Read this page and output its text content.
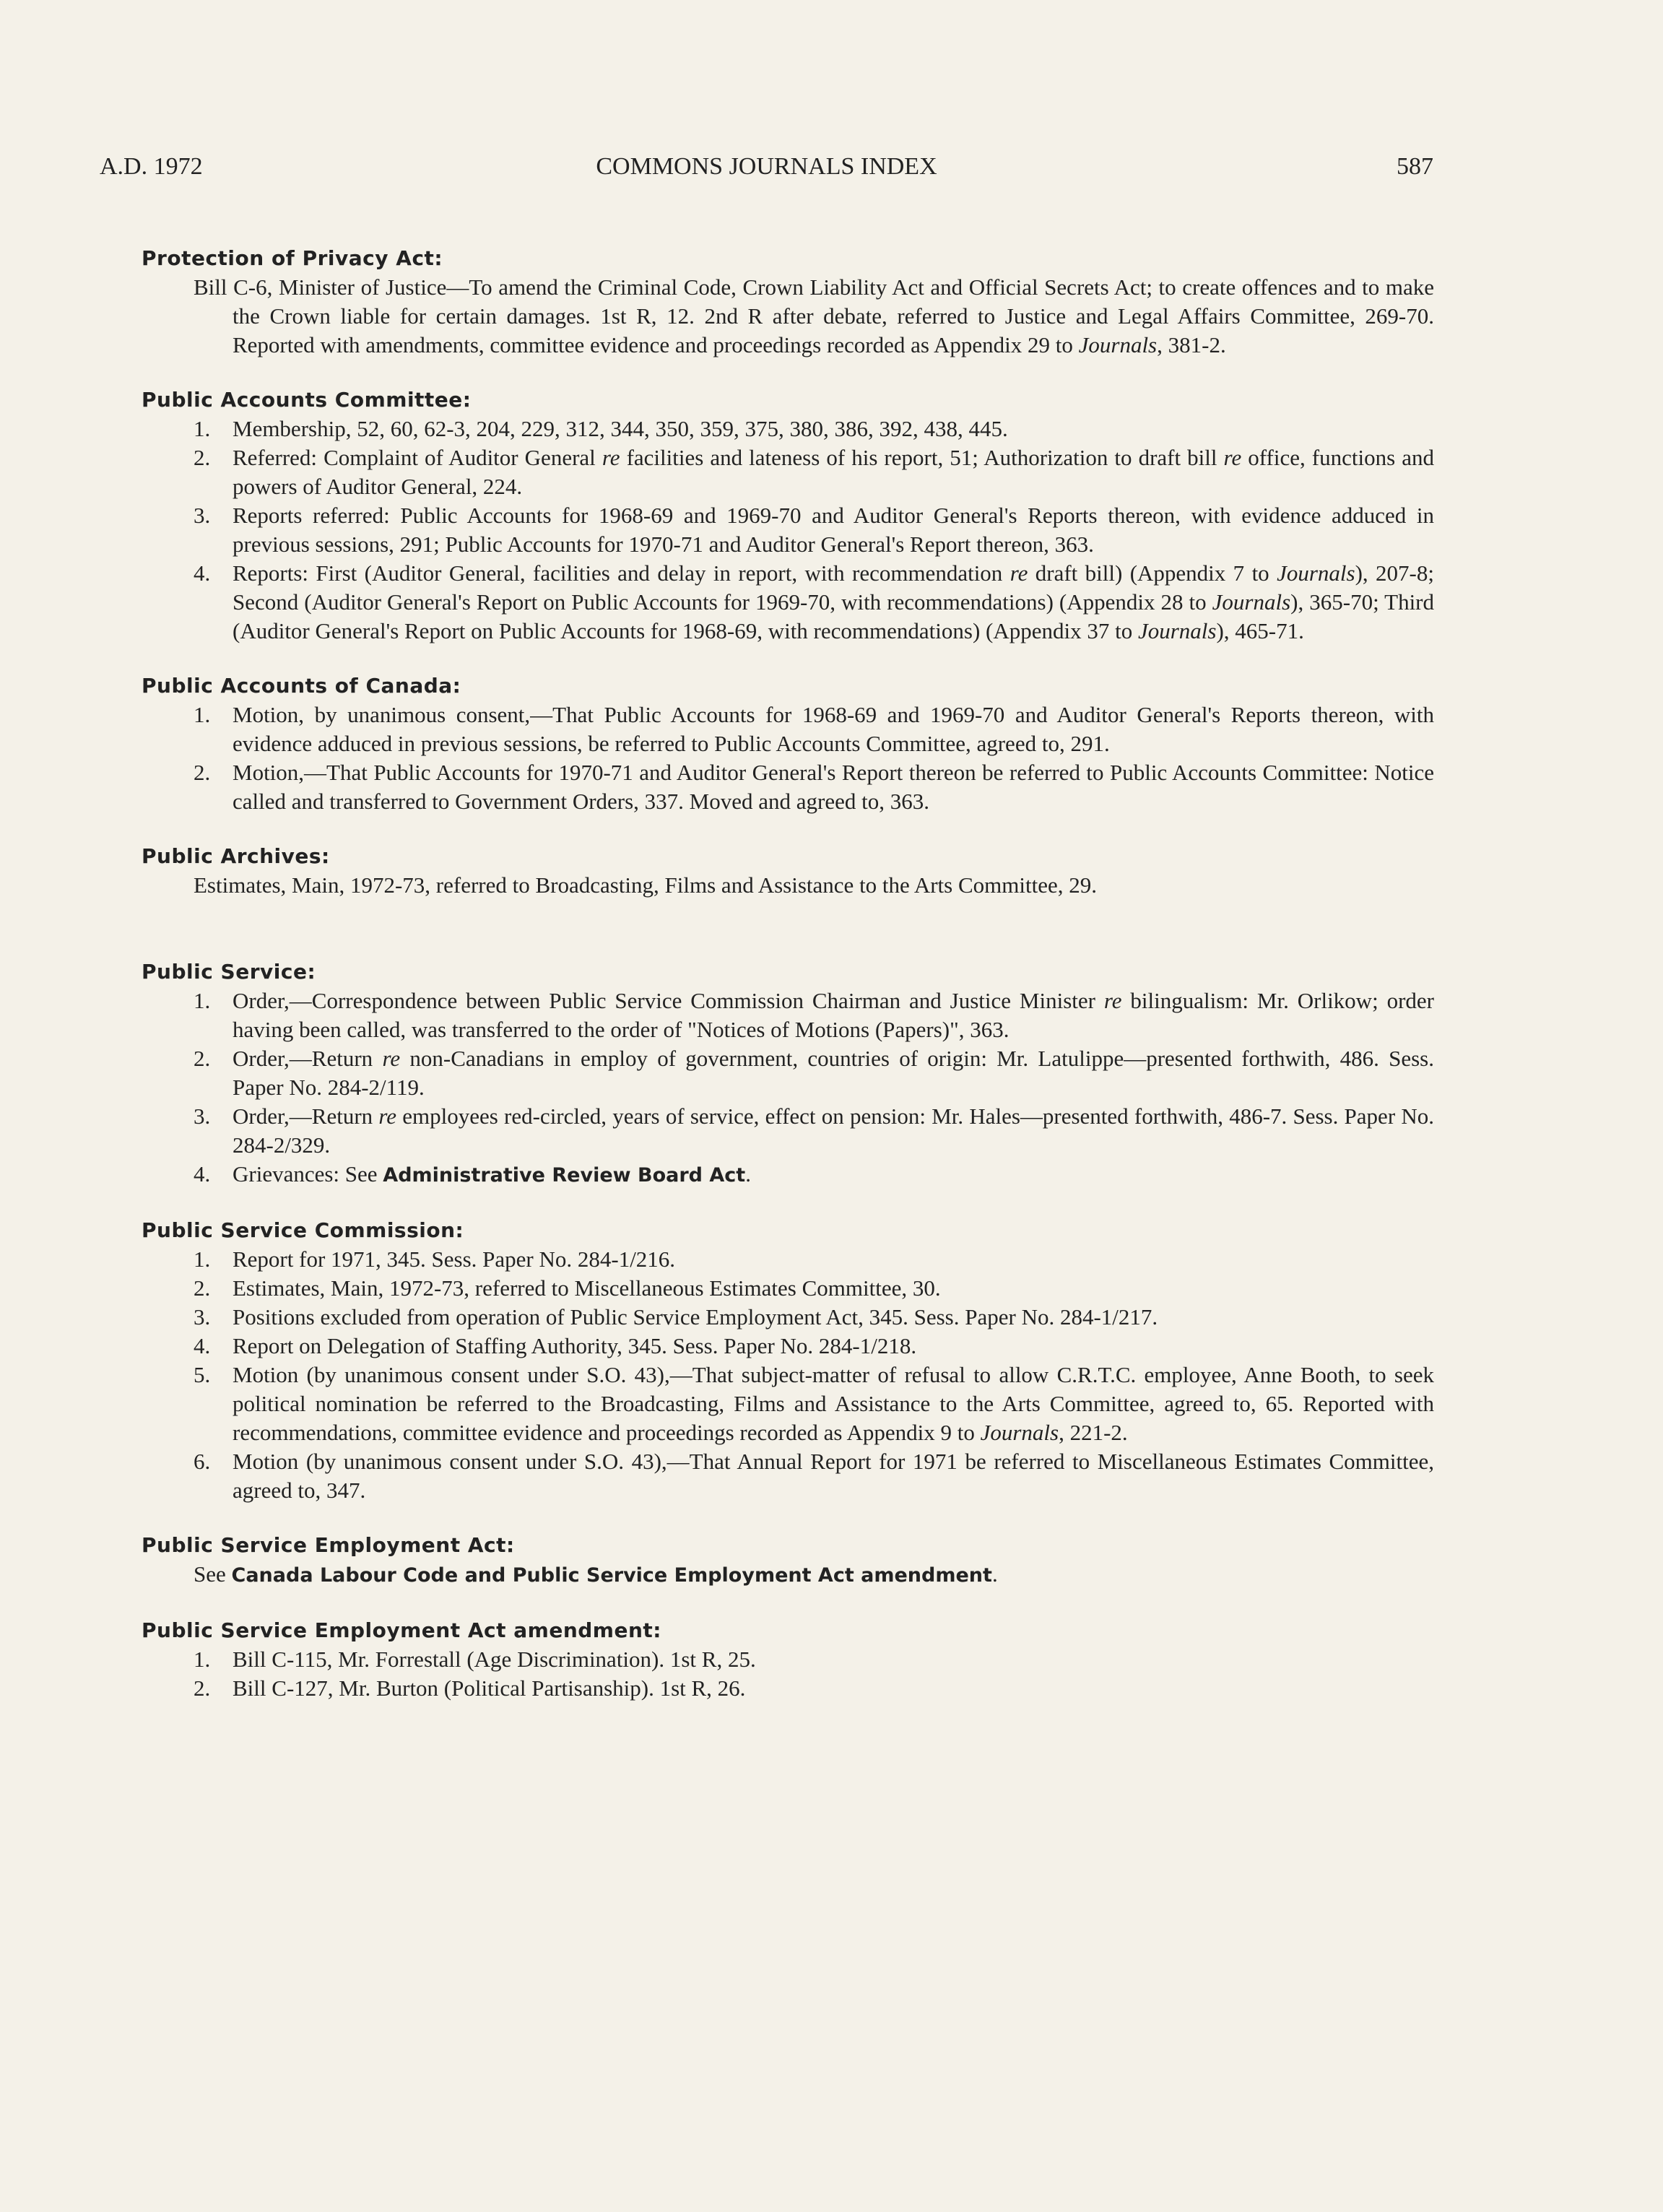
A.D. 1972	COMMONS JOURNALS INDEX	587
Protection of Privacy Act:

Bill C-6, Minister of Justice—To amend the Criminal Code, Crown Liability Act and Official Secrets Act; to create offences and to make the Crown liable for certain damages. 1st R, 12. 2nd R after debate, referred to Justice and Legal Affairs Committee, 269-70. Reported with amendments, committee evidence and proceedings recorded as Appendix 29 to Journals, 381-2.

Public Accounts Committee:
1. Membership, 52, 60, 62-3, 204, 229, 312, 344, 350, 359, 375, 380, 386, 392, 438, 445.
2. Referred: Complaint of Auditor General re facilities and lateness of his report, 51; Authorization to draft bill re office, functions and powers of Auditor General, 224.
3. Reports referred: Public Accounts for 1968-69 and 1969-70 and Auditor General's Reports thereon, with evidence adduced in previous sessions, 291; Public Accounts for 1970-71 and Auditor General's Report thereon, 363.
4. Reports: First (Auditor General, facilities and delay in report, with recommendation re draft bill) (Appendix 7 to Journals), 207-8; Second (Auditor General's Report on Public Accounts for 1969-70, with recommendations) (Appendix 28 to Journals), 365-70; Third (Auditor General's Report on Public Accounts for 1968-69, with recommendations) (Appendix 37 to Journals), 465-71.
Public Accounts of Canada:
1. Motion, by unanimous consent,—That Public Accounts for 1968-69 and 1969-70 and Auditor General's Reports thereon, with evidence adduced in previous sessions, be referred to Public Accounts Committee, agreed to, 291.
2. Motion,—That Public Accounts for 1970-71 and Auditor General's Report thereon be referred to Public Accounts Committee: Notice called and transferred to Government Orders, 337. Moved and agreed to, 363.
Public Archives:

Estimates, Main, 1972-73, referred to Broadcasting, Films and Assistance to the Arts Committee, 29.

Public Service:
1. Order,—Correspondence between Public Service Commission Chairman and Justice Minister re bilingualism: Mr. Orlikow; order having been called, was transferred to the order of "Notices of Motions (Papers)", 363.
2. Order,—Return re non-Canadians in employ of government, countries of origin: Mr. Latulippe—presented forthwith, 486. Sess. Paper No. 284-2/119.
3. Order,—Return re employees red-circled, years of service, effect on pension: Mr. Hales—presented forthwith, 486-7. Sess. Paper No. 284-2/329.
4. Grievances: See Administrative Review Board Act.
Public Service Commission:
1. Report for 1971, 345. Sess. Paper No. 284-1/216.
2. Estimates, Main, 1972-73, referred to Miscellaneous Estimates Committee, 30.
3. Positions excluded from operation of Public Service Employment Act, 345. Sess. Paper No. 284-1/217.
4. Report on Delegation of Staffing Authority, 345. Sess. Paper No. 284-1/218.
5. Motion (by unanimous consent under S.O. 43),—That subject-matter of refusal to allow C.R.T.C. employee, Anne Booth, to seek political nomination be referred to the Broadcasting, Films and Assistance to the Arts Committee, agreed to, 65. Reported with recommendations, committee evidence and proceedings recorded as Appendix 9 to Journals, 221-2.
6. Motion (by unanimous consent under S.O. 43),—That Annual Report for 1971 be referred to Miscellaneous Estimates Committee, agreed to, 347.
Public Service Employment Act:

See Canada Labour Code and Public Service Employment Act amendment.

Public Service Employment Act amendment:
1. Bill C-115, Mr. Forrestall (Age Discrimination). 1st R, 25.
2. Bill C-127, Mr. Burton (Political Partisanship). 1st R, 26.
